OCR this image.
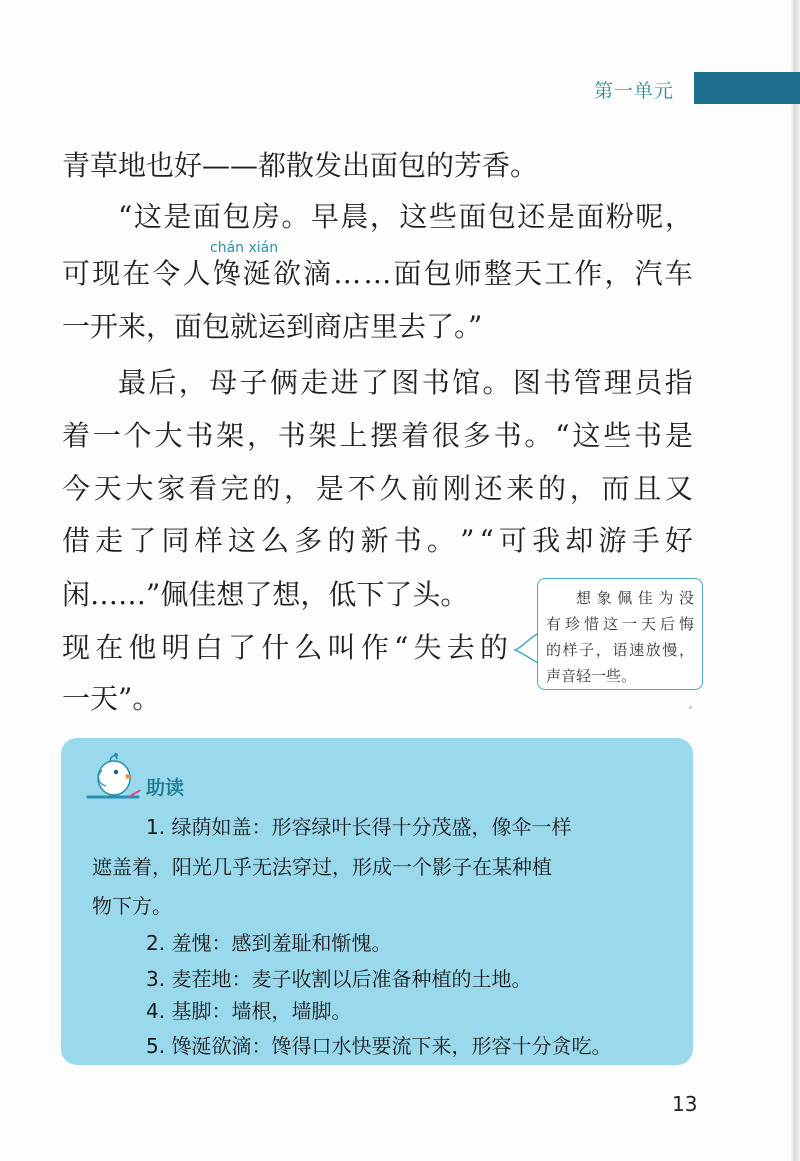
第一单元
青草地也好——都散发出面包的芳香。
“ 这 是 面 包 房 。 早 晨 ， 这 些 面 包 还 是 面 粉 呢 ，
chán xián
可 现 在 令 人 馋 涎 欲 滴 … … 面 包 师 整 天 工 作 ， 汽 车
一开来，面包就运到商店里去了。”
最 后 ， 母 子 俩 走 进 了 图 书 馆 。 图 书 管 理 员 指
着 一 个 大 书 架 ， 书 架 上 摆 着 很 多 书 。 “ 这 些 书 是
今 天 大 家 看 完 的 ， 是 不 久 前 刚 还 来 的 ， 而 且 又
借 走 了 同 样 这 么 多 的 新 书 。 ” “ 可 我 却 游 手 好
闲……”佩佳想了想，低下了头。
现 在 他 明 白 了 什 么 叫 作 “ 失 去 的
一天”。
想象佩佳为没
有珍惜这一天后悔
的样子，语速放慢，
声音轻一些。
助读
1. 绿荫如盖：形容绿叶长得十分茂盛，像伞一样
遮盖着，阳光几乎无法穿过，形成一个影子在某种植
物下方。
2. 羞愧：感到羞耻和惭愧。
3. 麦茬地：麦子收割以后准备种植的土地。
4. 基脚：墙根，墙脚。
5. 馋涎欲滴：馋得口水快要流下来，形容十分贪吃。
13
